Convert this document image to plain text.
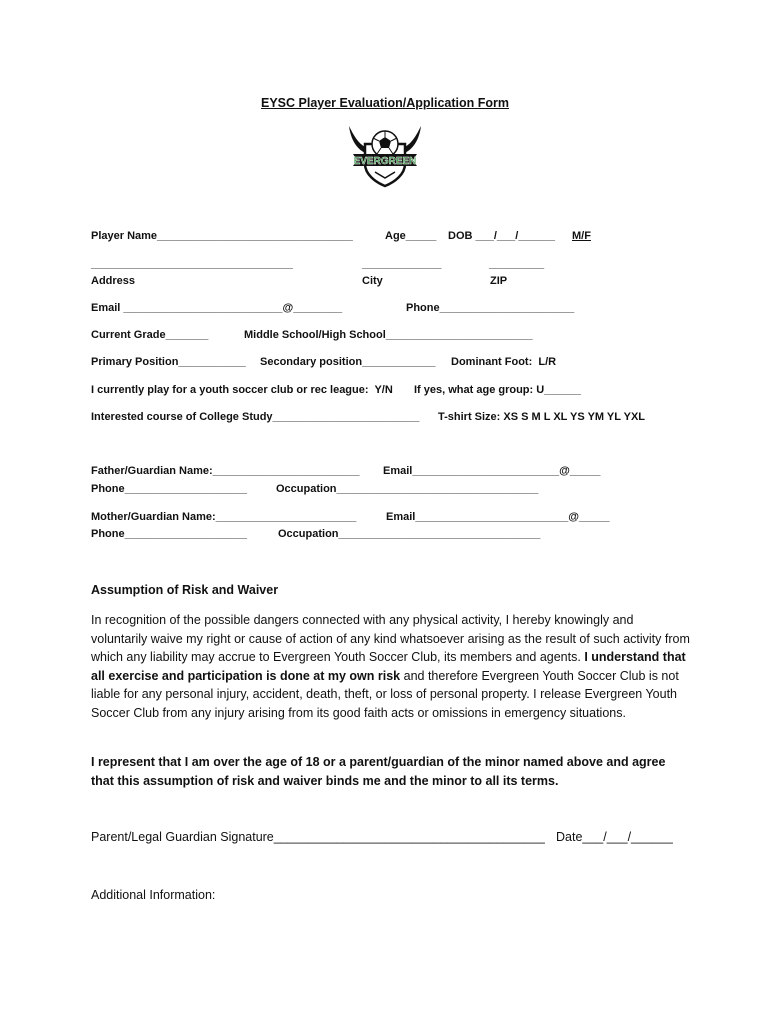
EYSC Player Evaluation/Application Form
EVERGREEN
Player Name________________________________	Age_____ DOB ___/___/______ M/F
_________________________________	_____________	_________
Address	City	ZIP
Email __________________________@________	Phone______________________
Current Grade_______	Middle School/High School________________________
Primary Position___________ Secondary position____________ Dominant Foot:  L/R
I currently play for a youth soccer club or rec league:  Y/N If yes, what age group: U______
Interested course of College Study________________________ T-shirt Size: XS S M L XL YS YM YL YXL
Father/Guardian Name:________________________ Email________________________@_____
Phone____________________	Occupation_________________________________
Mother/Guardian Name:_______________________	Email_________________________@_____
Phone____________________	Occupation_________________________________
Assumption of Risk and Waiver
In recognition of the possible dangers connected with any physical activity, I hereby knowingly and voluntarily waive my right or cause of action of any kind whatsoever arising as the result of such activity from which any liability may accrue to Evergreen Youth Soccer Club, its members and agents. I understand that all exercise and participation is done at my own risk and therefore Evergreen Youth Soccer Club is not liable for any personal injury, accident, death, theft, or loss of personal property. I release Evergreen Youth Soccer Club from any injury arising from its good faith acts or omissions in emergency situations.
I represent that I am over the age of 18 or a parent/guardian of the minor named above and agree that this assumption of risk and waiver binds me and the minor to all its terms.
Parent/Legal Guardian Signature_______________________________________ Date___/___/______
Additional Information:
